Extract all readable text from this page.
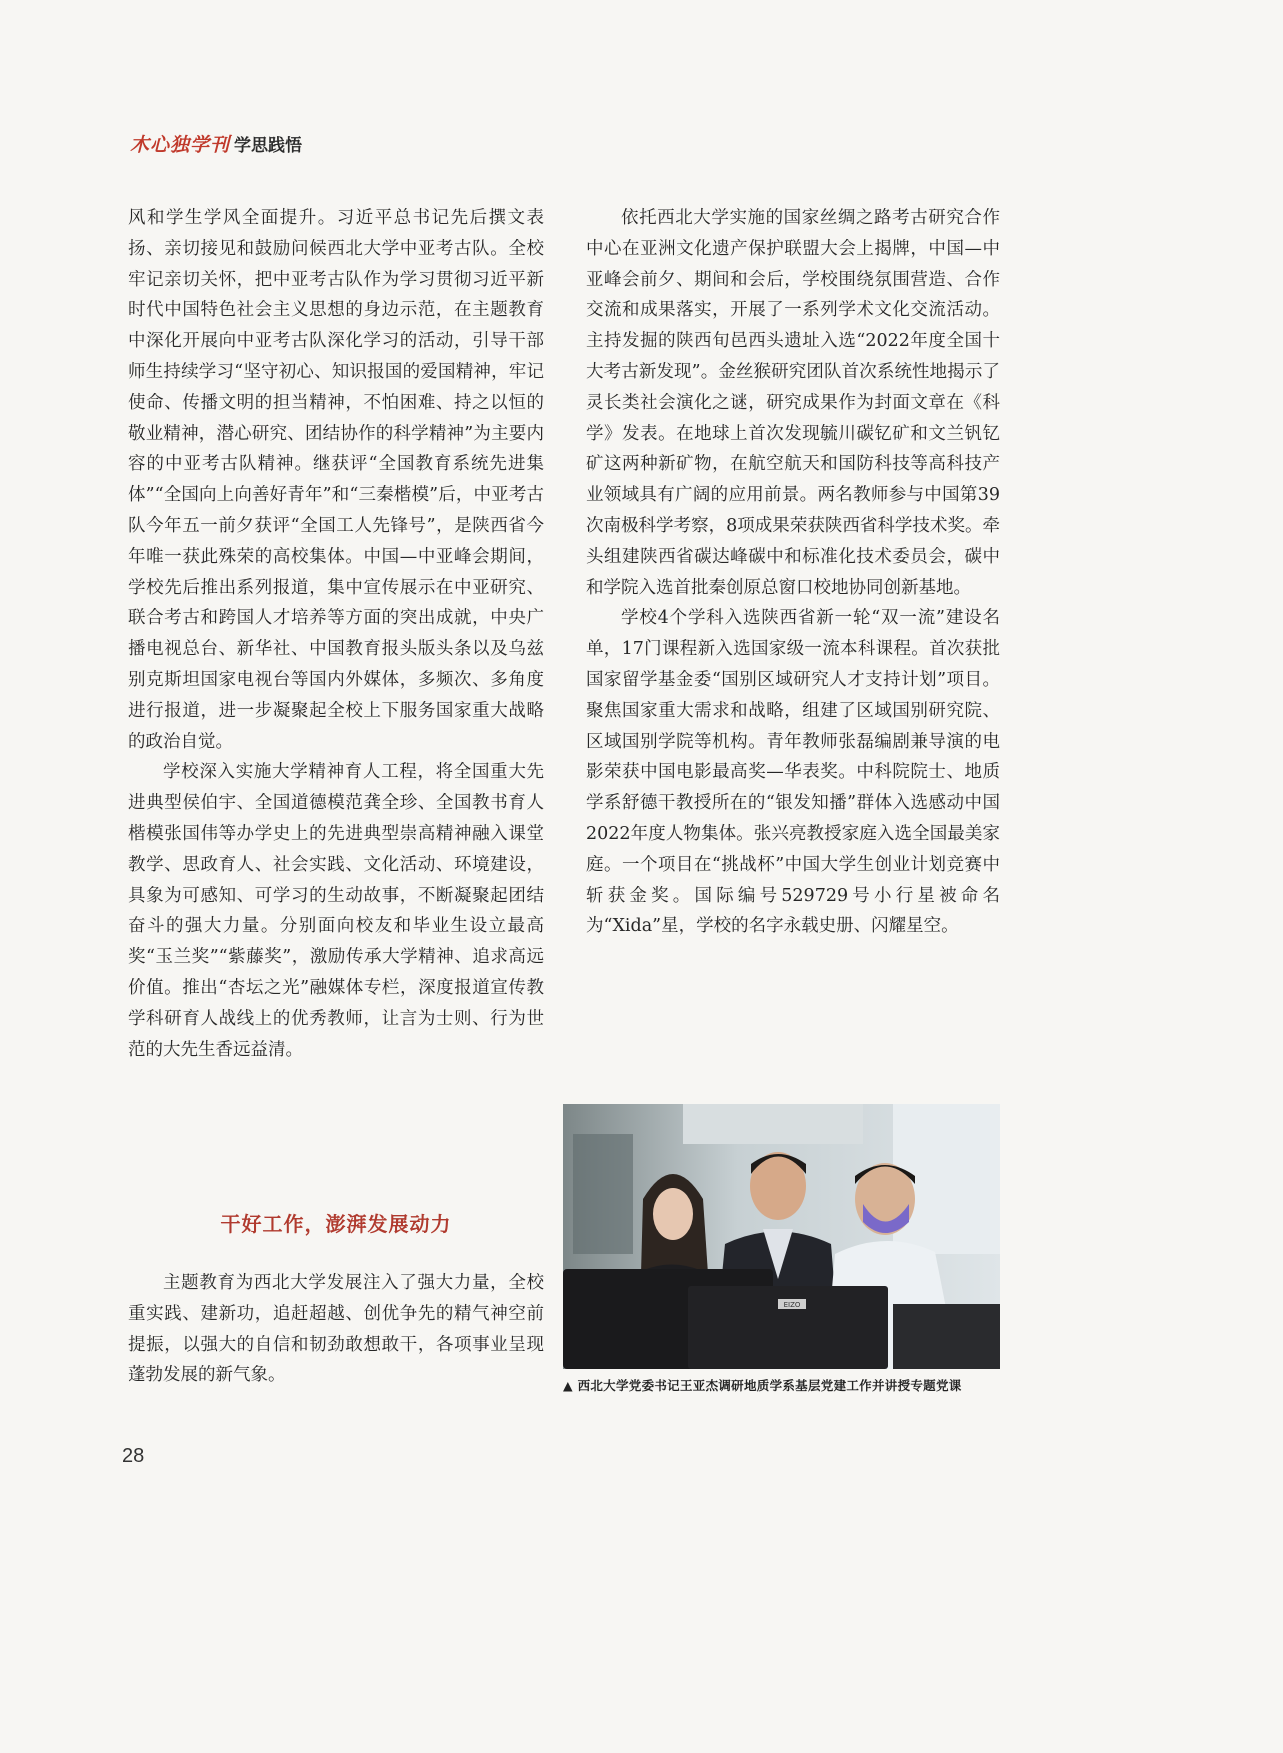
木心独学刊 学思践悟

风和学生学风全面提升。习近平总书记先后撰文表扬、亲切接见和鼓励问候西北大学中亚考古队。全校牢记亲切关怀，把中亚考古队作为学习贯彻习近平新时代中国特色社会主义思想的身边示范，在主题教育中深化开展向中亚考古队深化学习的活动，引导干部师生持续学习“坚守初心、知识报国的爱国精神，牢记使命、传播文明的担当精神，不怕困难、持之以恒的敬业精神，潜心研究、团结协作的科学精神”为主要内容的中亚考古队精神。继获评“全国教育系统先进集体”“全国向上向善好青年”和“三秦楷模”后，中亚考古队今年五一前夕获评“全国工人先锋号”，是陕西省今年唯一获此殊荣的高校集体。中国—中亚峰会期间，学校先后推出系列报道，集中宣传展示在中亚研究、联合考古和跨国人才培养等方面的突出成就，中央广播电视总台、新华社、中国教育报头版头条以及乌兹别克斯坦国家电视台等国内外媒体，多频次、多角度进行报道，进一步凝聚起全校上下服务国家重大战略的政治自觉。

学校深入实施大学精神育人工程，将全国重大先进典型侯伯宇、全国道德模范龚全珍、全国教书育人楷模张国伟等办学史上的先进典型崇高精神融入课堂教学、思政育人、社会实践、文化活动、环境建设，具象为可感知、可学习的生动故事，不断凝聚起团结奋斗的强大力量。分别面向校友和毕业生设立最高奖“玉兰奖”“紫藤奖”，激励传承大学精神、追求高远价值。推出“杏坛之光”融媒体专栏，深度报道宣传教学科研育人战线上的优秀教师，让言为士则、行为世范的大先生香远益清。

干好工作，澎湃发展动力

主题教育为西北大学发展注入了强大力量，全校重实践、建新功，追赶超越、创优争先的精气神空前提振，以强大的自信和韧劲敢想敢干，各项事业呈现蓬勃发展的新气象。

依托西北大学实施的国家丝绸之路考古研究合作中心在亚洲文化遗产保护联盟大会上揭牌，中国—中亚峰会前夕、期间和会后，学校围绕氛围营造、合作交流和成果落实，开展了一系列学术文化交流活动。主持发掘的陕西旬邑西头遗址入选“2022年度全国十大考古新发现”。金丝猴研究团队首次系统性地揭示了灵长类社会演化之谜，研究成果作为封面文章在《科学》发表。在地球上首次发现毓川碳钇矿和文兰钒钇矿这两种新矿物，在航空航天和国防科技等高科技产业领域具有广阔的应用前景。两名教师参与中国第39次南极科学考察，8项成果荣获陕西省科学技术奖。牵头组建陕西省碳达峰碳中和标准化技术委员会，碳中和学院入选首批秦创原总窗口校地协同创新基地。

学校4个学科入选陕西省新一轮“双一流”建设名单，17门课程新入选国家级一流本科课程。首次获批国家留学基金委“国别区域研究人才支持计划”项目。聚焦国家重大需求和战略，组建了区域国别研究院、区域国别学院等机构。青年教师张磊编剧兼导演的电影荣获中国电影最高奖—华表奖。中科院院士、地质学系舒德干教授所在的“银发知播”群体入选感动中国2022年度人物集体。张兴亮教授家庭入选全国最美家庭。一个项目在“挑战杯”中国大学生创业计划竞赛中斩获金奖。国际编号529729号小行星被命名为“Xida”星，学校的名字永载史册、闪耀星空。

EIZO
▲ 西北大学党委书记王亚杰调研地质学系基层党建工作并讲授专题党课
28
